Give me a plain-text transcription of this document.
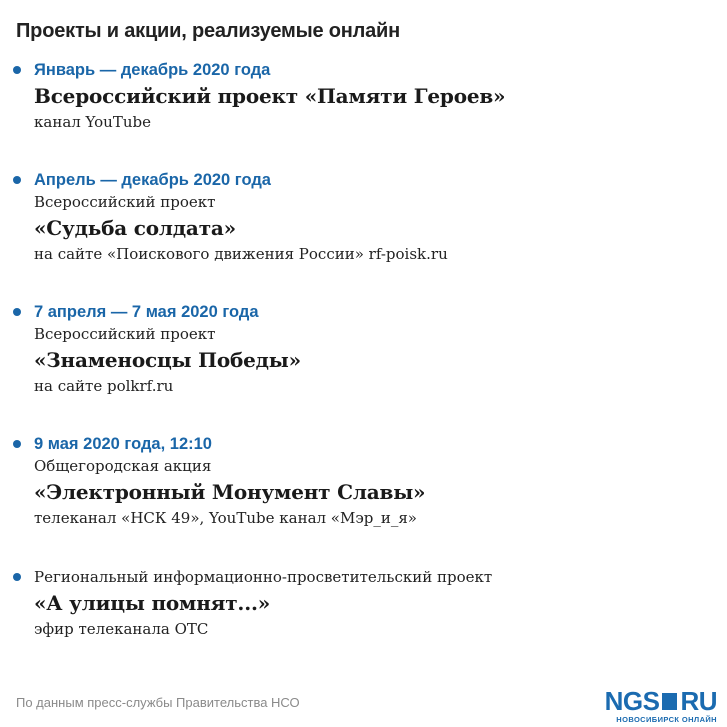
Проекты и акции, реализуемые онлайн
Январь — декабрь 2020 года
Всероссийский проект «Памяти Героев»
канал YouTube
Апрель — декабрь 2020 года
Всероссийский проект
«Судьба солдата»
на сайте «Поискового движения России» rf-poisk.ru
7 апреля — 7 мая 2020 года
Всероссийский проект
«Знаменосцы Победы»
на сайте polkrf.ru
9 мая 2020 года, 12:10
Общегородская акция
«Электронный Монумент Славы»
телеканал «НСК 49», YouTube канал «Мэр_и_я»
Региональный информационно-просветительский проект
«А улицы помнят...»
эфир телеканала ОТС
По данным пресс-службы Правительства НСО	NGS RU
НОВОСИБИРСК ОНЛАЙН
